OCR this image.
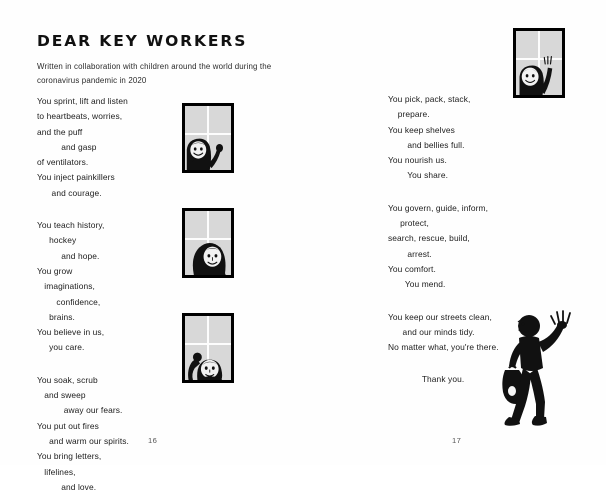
DEAR KEY WORKERS
Written in collaboration with children around the world during the coronavirus pandemic in 2020
You sprint, lift and listen
to heartbeats, worries,
and the puff
and gasp
of ventilators.
You inject painkillers
and courage.
You teach history,
hockey
and hope.
You grow
imaginations,
confidence,
brains.
You believe in us,
you care.
You soak, scrub
and sweep
away our fears.
You put out fires
and warm our spirits.
You bring letters,
lifelines,
and love.
You pick, pack, stack,
prepare.
You keep shelves
and bellies full.
You nourish us.
You share.
You govern, guide, inform,
protect,
search, rescue, build,
arrest.
You comfort.
You mend.
You keep our streets clean,
and our minds tidy.
No matter what, you're there.
Thank you.
16	17
